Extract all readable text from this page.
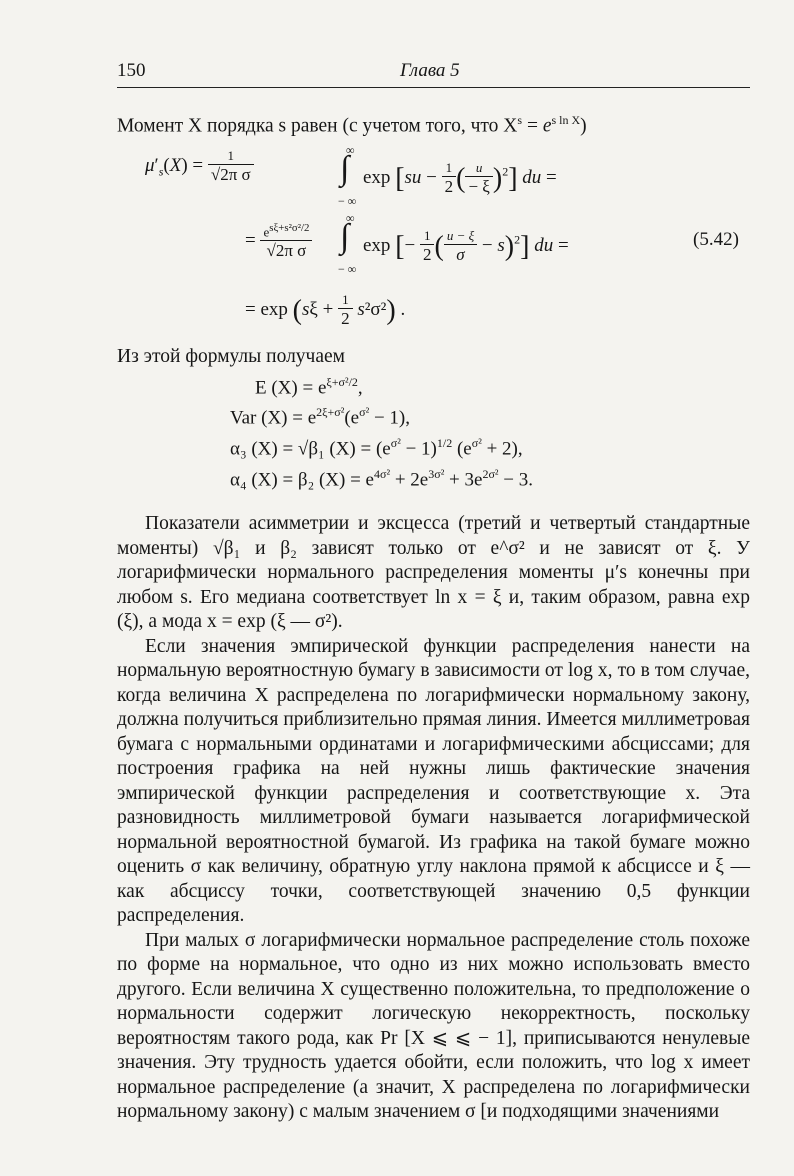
150	Глава 5
Момент X порядка s равен (с учетом того, что $X^s = e^{s ln X}$)
$\mu'_s(X) = \frac{1}{\text{√2π σ}}$	∫
∞
− ∞
$\exp [su - \frac{1}{2}$ ( $\frac{u}{- \xi} )^2$] du =
= $\frac{e^{s\xi+s^2\sigma^2/2}}{\text{√2π σ}}$ ∫
∞
− ∞
exp [− $\frac{1}{2}$ ( $\frac{u - \xi}{\sigma} - s)^2$] du =	(5.42)
= $\exp (s\xi + \frac{1}{2} s^2\sigma^2)$ .
Из этой формулы получаем
E $(X) = e^{\xi+\sigma^2/2}$,
Var $(X) = e^{2\xi+\sigma^2}(e^{\sigma^2} - 1)$,
α₃ (X) = √β₁ $(X) = (e^{\sigma^2} - 1)^{1/2}$ $(e^{\sigma^2} + 2)$,
α₄ (X) = β₂ $(X) = e^{4\sigma^2} + 2e^{3\sigma^2} + 3e^{2\sigma^2} - 3$.

Показатели асимметрии и эксцесса (третий и четвертый стандартные моменты) √β₁ и β₂ зависят только от e^σ² и не зависят от ξ. У логарифмически нормального распределения моменты μ′s конечны при любом s. Его медиана соответствует ln x = ξ и, таким образом, равна exp (ξ), а мода x = exp (ξ — σ²).

Если значения эмпирической функции распределения нанести на нормальную вероятностную бумагу в зависимости от log x, то в том случае, когда величина X распределена по логарифмически нормальному закону, должна получиться приблизительно прямая линия. Имеется миллиметровая бумага с нормальными ординатами и логарифмическими абсциссами; для построения графика на ней нужны лишь фактические значения эмпирической функции распределения и соответствующие x. Эта разновидность миллиметровой бумаги называется логарифмической нормальной вероятностной бумагой. Из графика на такой бумаге можно оценить σ как величину, обратную углу наклона прямой к абсциссе и ξ — как абсциссу точки, соответствующей значению 0,5 функции распределения.

При малых σ логарифмически нормальное распределение столь похоже по форме на нормальное, что одно из них можно использовать вместо другого. Если величина X существенно положительна, то предположение о нормальности содержит логическую некорректность, поскольку вероятностям такого рода, как Pr [X ⩽ ⩽ − 1], приписываются ненулевые значения. Эту трудность удается обойти, если положить, что log x имеет нормальное распределение (а значит, X распределена по логарифмически нормальному закону) с малым значением σ [и подходящими значениями
